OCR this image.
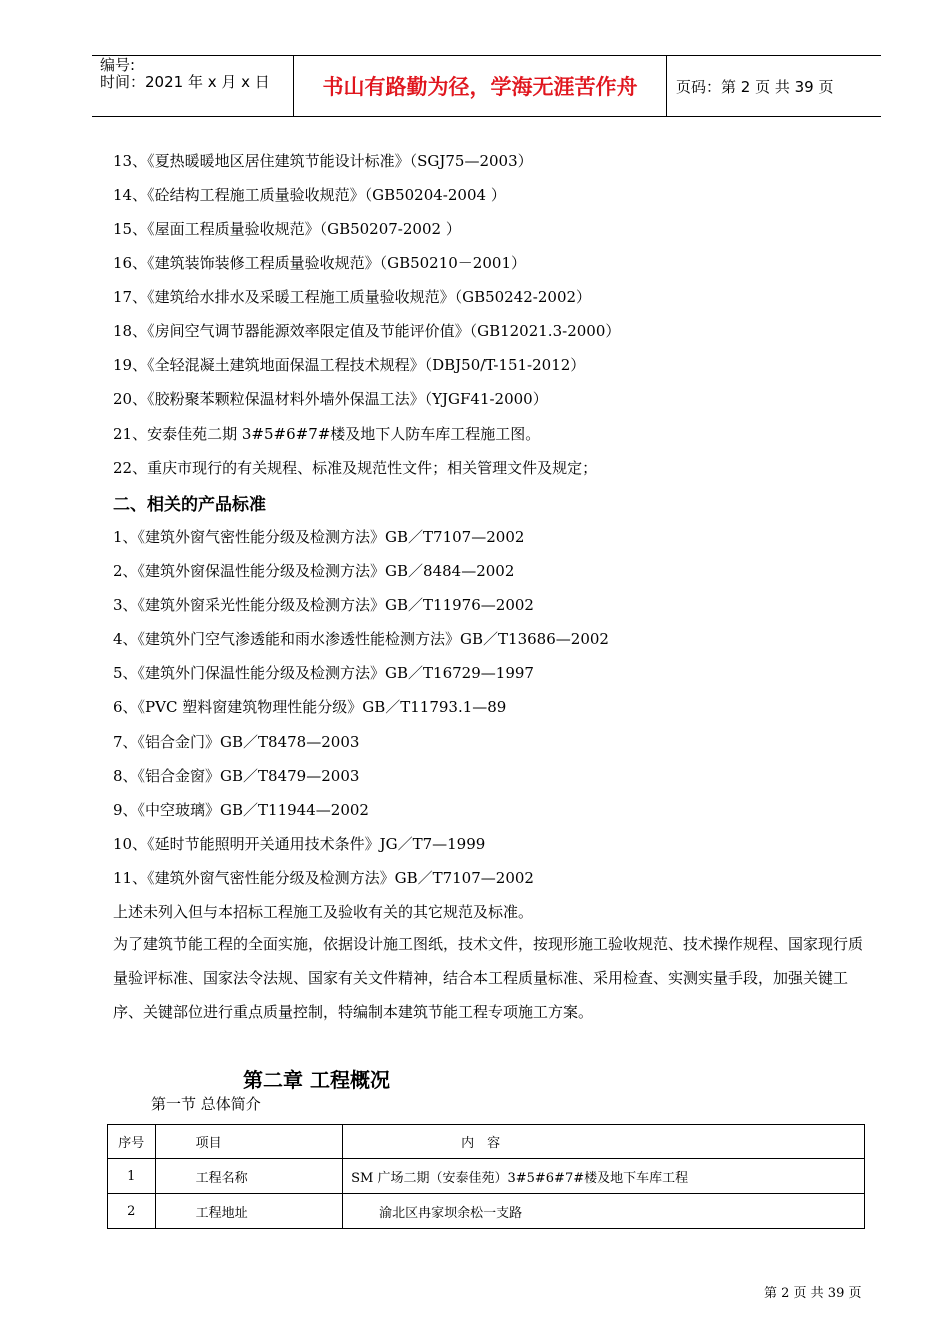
编号:
时间：2021 年 x 月 x 日	书山有路勤为径，学海无涯苦作舟	页码：第 2 页 共 39 页
13、《夏热暖暖地区居住建筑节能设计标准》（SGJ75—2003）
14、《砼结构工程施工质量验收规范》（GB50204-2004 ）
15、《屋面工程质量验收规范》（GB50207-2002 ）
16、《建筑装饰装修工程质量验收规范》（GB50210－2001）
17、《建筑给水排水及采暖工程施工质量验收规范》（GB50242-2002）
18、《房间空气调节器能源效率限定值及节能评价值》（GB12021.3-2000）
19、《全轻混凝土建筑地面保温工程技术规程》（DBJ50/T-151-2012）
20、《胶粉聚苯颗粒保温材料外墙外保温工法》（YJGF41-2000）
21、安泰佳苑二期 3#5#6#7#楼及地下人防车库工程施工图。
22、重庆市现行的有关规程、标准及规范性文件；相关管理文件及规定；
二、相关的产品标准
1、《建筑外窗气密性能分级及检测方法》GB／T7107—2002
2、《建筑外窗保温性能分级及检测方法》GB／8484—2002
3、《建筑外窗采光性能分级及检测方法》GB／T11976—2002
4、《建筑外门空气渗透能和雨水渗透性能检测方法》GB／T13686—2002
5、《建筑外门保温性能分级及检测方法》GB／T16729—1997
6、《PVC 塑料窗建筑物理性能分级》GB／T11793.1—89
7、《铝合金门》GB／T8478—2003
8、《铝合金窗》GB／T8479—2003
9、《中空玻璃》GB／T11944—2002
10、《延时节能照明开关通用技术条件》JG／T7—1999
11、《建筑外窗气密性能分级及检测方法》GB／T7107—2002
上述未列入但与本招标工程施工及验收有关的其它规范及标准。
为了建筑节能工程的全面实施，依据设计施工图纸，技术文件，按现形施工验收规范、技术操作规程、国家现行质量验评标准、国家法令法规、国家有关文件精神，结合本工程质量标准、采用检查、实测实量手段，加强关键工序、关键部位进行重点质量控制，特编制本建筑节能工程专项施工方案。
第二章 工程概况
第一节 总体简介
序号	项目	内　容
1	工程名称	SM 广场二期（安泰佳苑）3#5#6#7#楼及地下车库工程
2	工程地址	渝北区冉家坝余松一支路
第 2 页 共 39 页
